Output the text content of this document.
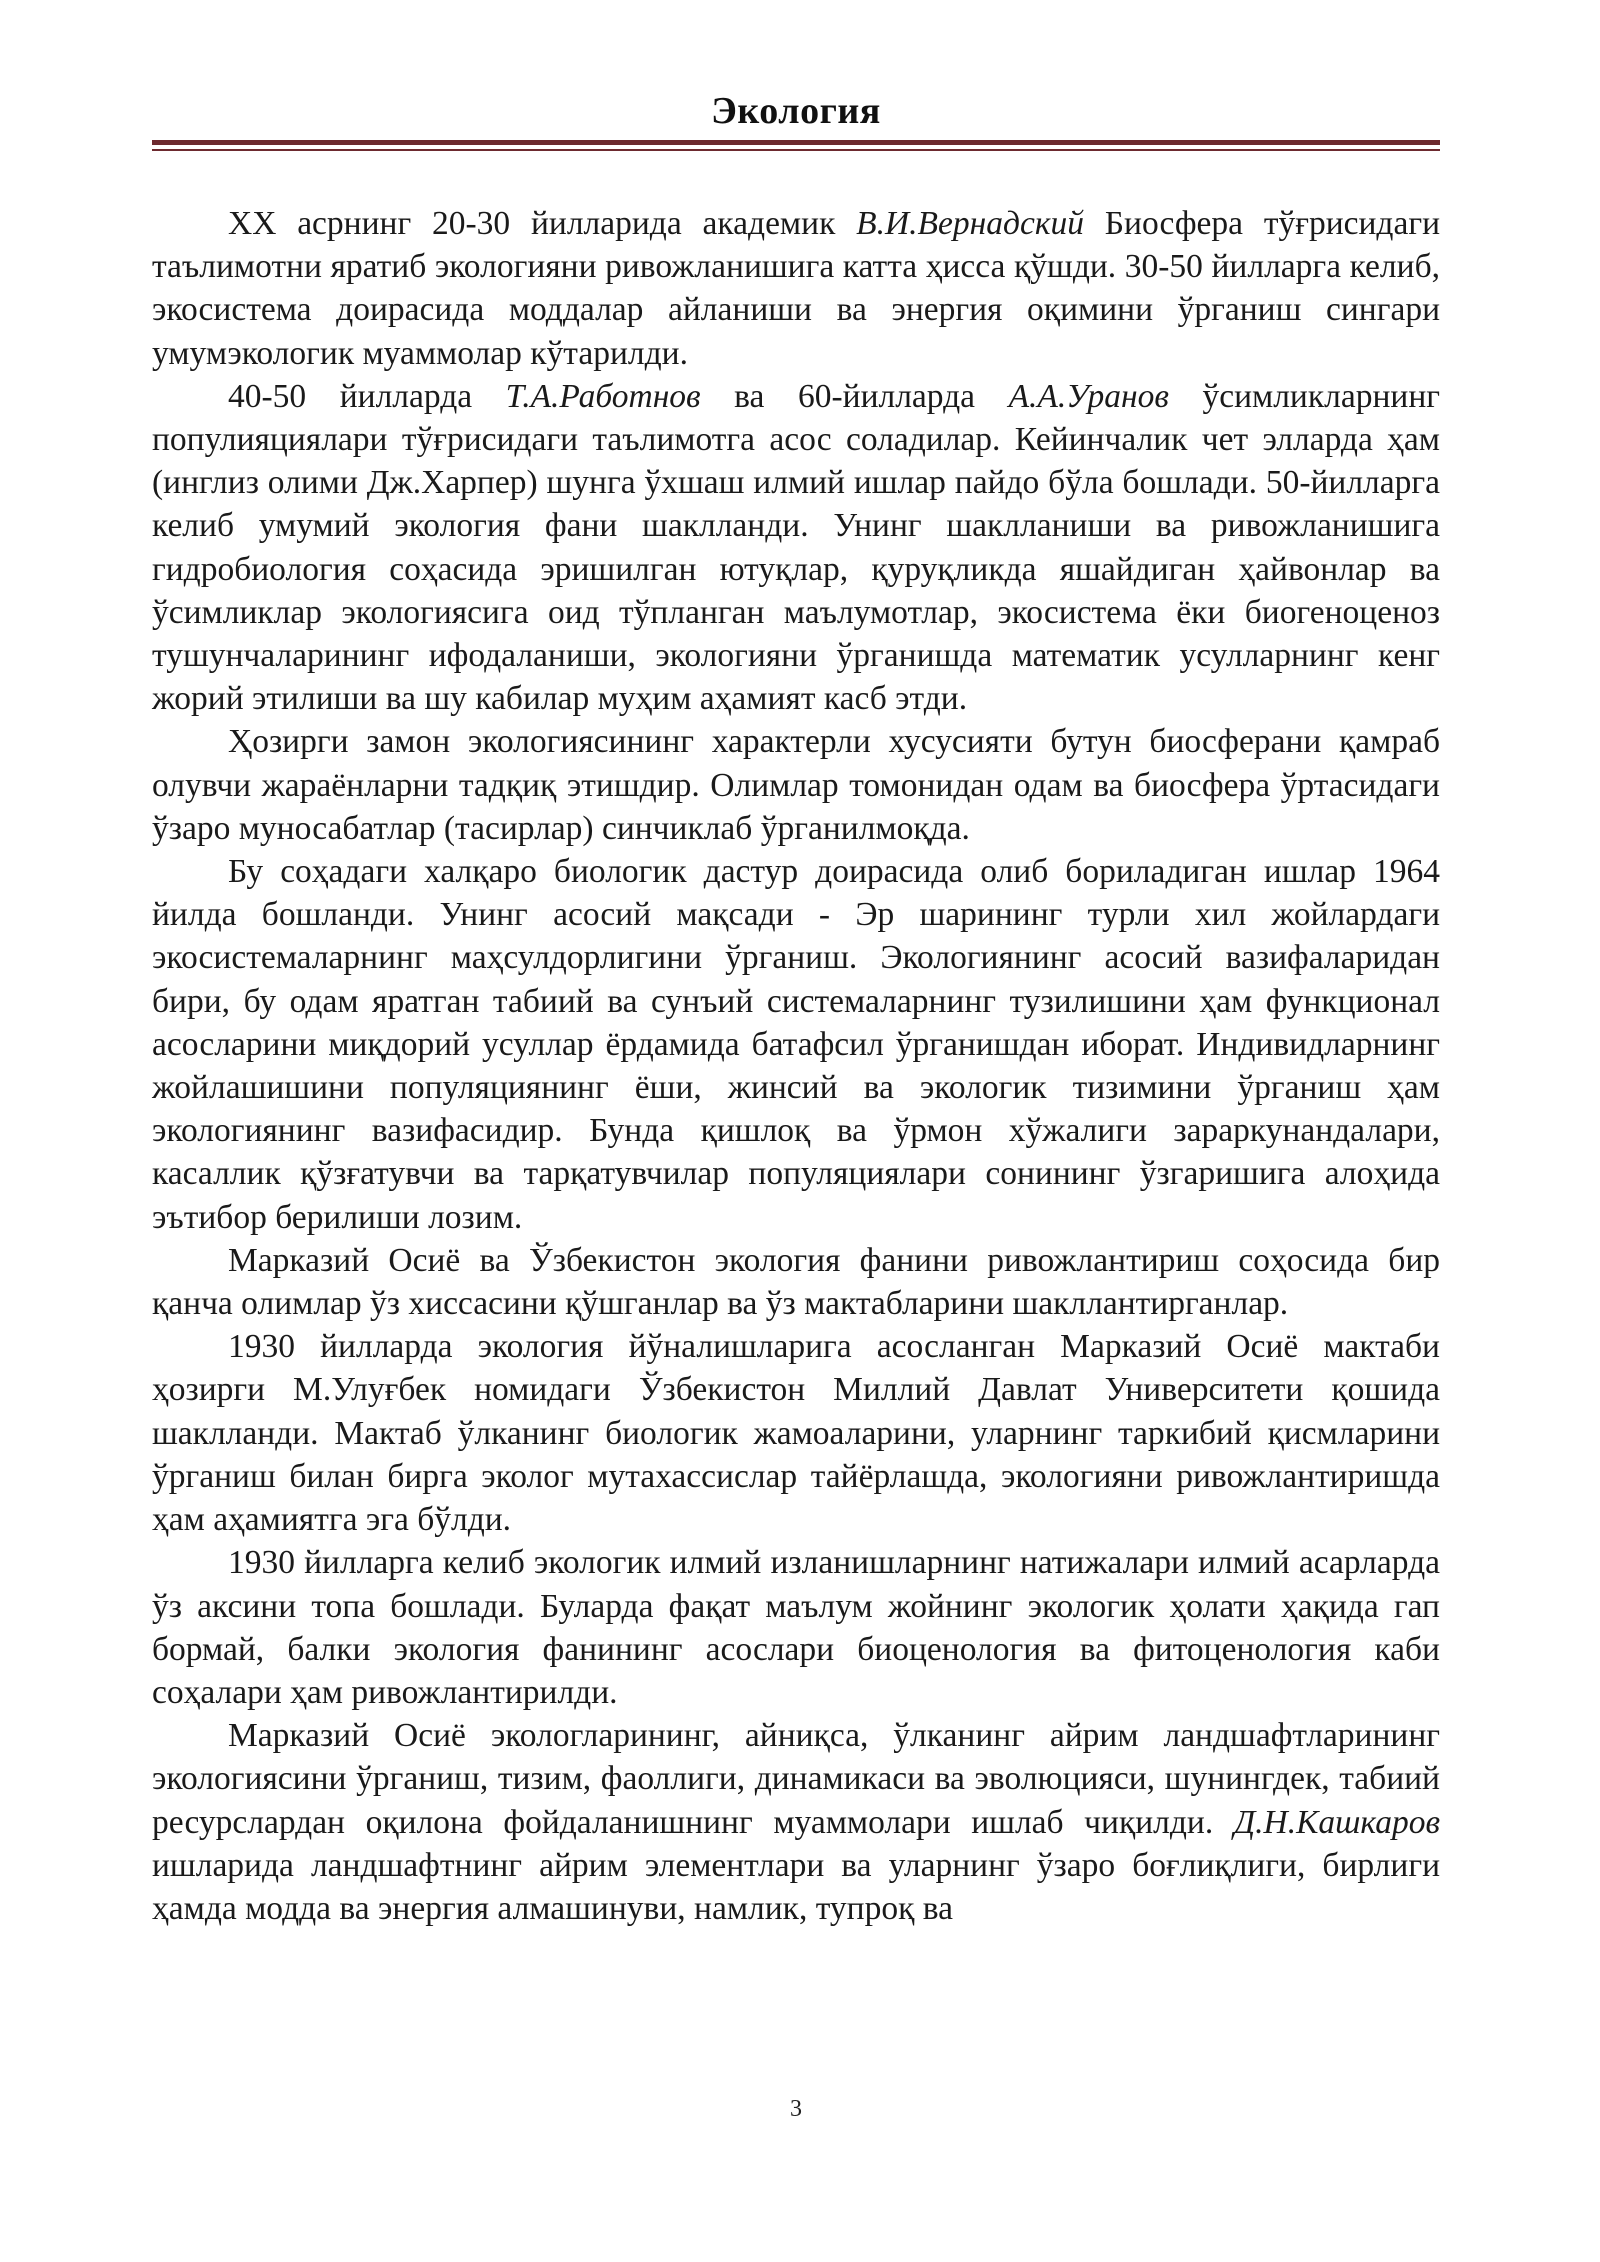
Экология

XX асрнинг 20-30 йилларида академик В.И.Вернадский Биосфера тўғрисидаги таълимотни яратиб экологияни ривожланишига катта ҳисса қўшди. 30-50 йилларга келиб, экосистема доирасида моддалар айланиши ва энергия оқимини ўрганиш сингари умумэкологик муаммолар кўтарилди.

40-50 йилларда Т.А.Работнов ва 60-йилларда А.А.Уранов ўсимликларнинг популияциялари тўғрисидаги таълимотга асос соладилар. Кейинчалик чет элларда ҳам (инглиз олими Дж.Харпер) шунга ўхшаш илмий ишлар пайдо бўла бошлади. 50-йилларга келиб умумий экология фани шаклланди. Унинг шаклланиши ва ривожланишига гидробиология соҳасида эришилган ютуқлар, қуруқликда яшайдиган ҳайвонлар ва ўсимликлар экологиясига оид тўпланган маълумотлар, экосистема ёки биогеноценоз тушунчаларининг ифодаланиши, экологияни ўрганишда математик усулларнинг кенг жорий этилиши ва шу кабилар муҳим аҳамият касб этди.

Ҳозирги замон экологиясининг характерли хусусияти бутун биосферани қамраб олувчи жараёнларни тадқиқ этишдир. Олимлар томонидан одам ва биосфера ўртасидаги ўзаро муносабатлар (тасирлар) синчиклаб ўрганилмоқда.

Бу соҳадаги халқаро биологик дастур доирасида олиб бориладиган ишлар 1964 йилда бошланди. Унинг асосий мақсади - Эр шарининг турли хил жойлардаги экосистемаларнинг маҳсулдорлигини ўрганиш. Экологиянинг асосий вазифаларидан бири, бу одам яратган табиий ва сунъий системаларнинг тузилишини ҳам функционал асосларини миқдорий усуллар ёрдамида батафсил ўрганишдан иборат. Индивидларнинг жойлашишини популяциянинг ёши, жинсий ва экологик тизимини ўрганиш ҳам экологиянинг вазифасидир. Бунда қишлоқ ва ўрмон хўжалиги зараркунандалари, касаллик қўзғатувчи ва тарқатувчилар популяциялари сонининг ўзгаришига алоҳида эътибор берилиши лозим.

Марказий Осиё ва Ўзбекистон экология фанини ривожлантириш соҳосида бир қанча олимлар ўз хиссасини қўшганлар ва ўз мактабларини шакллантирганлар.

1930 йилларда экология йўналишларига асосланган Марказий Осиё мактаби ҳозирги М.Улуғбек номидаги Ўзбекистон Миллий Давлат Университети қошида шаклланди. Мактаб ўлканинг биологик жамоаларини, уларнинг таркибий қисмларини ўрганиш билан бирга эколог мутахассислар тайёрлашда, экологияни ривожлантиришда ҳам аҳамиятга эга бўлди.

1930 йилларга келиб экологик илмий изланишларнинг натижалари илмий асарларда ўз аксини топа бошлади. Буларда фақат маълум жойнинг экологик ҳолати ҳақида гап бормай, балки экология фанининг асослари биоценология ва фитоценология каби соҳалари ҳам ривожлантирилди.

Марказий Осиё экологларининг, айниқса, ўлканинг айрим ландшафтларининг экологиясини ўрганиш, тизим, фаоллиги, динамикаси ва эволюцияси, шунингдек, табиий ресурслардан оқилона фойдаланишнинг муаммолари ишлаб чиқилди. Д.Н.Кашкаров ишларида ландшафтнинг айрим элементлари ва уларнинг ўзаро боғлиқлиги, бирлиги ҳамда модда ва энергия алмашинуви, намлик, тупроқ ва

3
